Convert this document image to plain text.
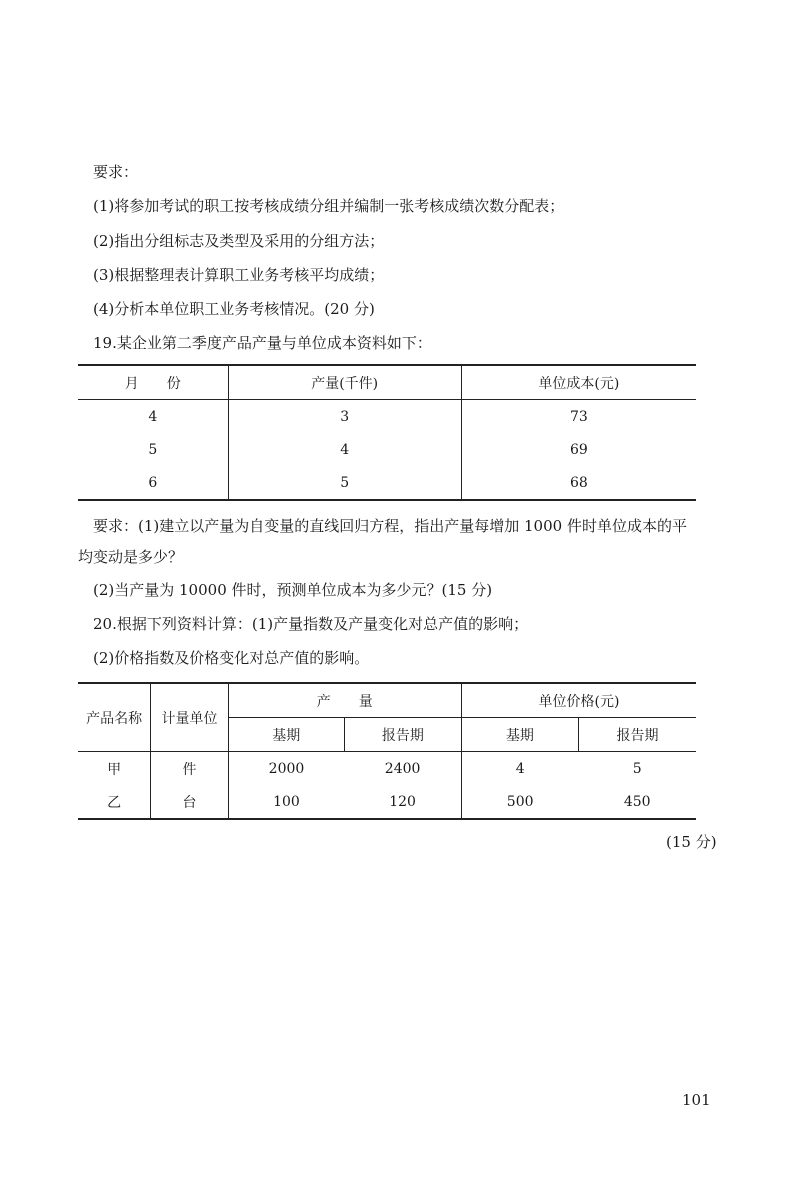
要求：
(1)将参加考试的职工按考核成绩分组并编制一张考核成绩次数分配表；
(2)指出分组标志及类型及采用的分组方法；
(3)根据整理表计算职工业务考核平均成绩；
(4)分析本单位职工业务考核情况。(20 分)
19.某企业第二季度产品产量与单位成本资料如下：
月　　份	产量(千件)	单位成本(元)
4	3	73
5	4	69
6	5	68
要求：(1)建立以产量为自变量的直线回归方程，指出产量每增加 1000 件时单位成本的平
均变动是多少？
(2)当产量为 10000 件时，预测单位成本为多少元？(15 分)
20.根据下列资料计算：(1)产量指数及产量变化对总产值的影响；
(2)价格指数及价格变化对总产值的影响。
产品名称	计量单位	产　　量		单位价格(元)	
		基期	报告期	基期	报告期
甲	件	2000	2400	4	5
乙	台	100	120	500	450
(15 分)
101
